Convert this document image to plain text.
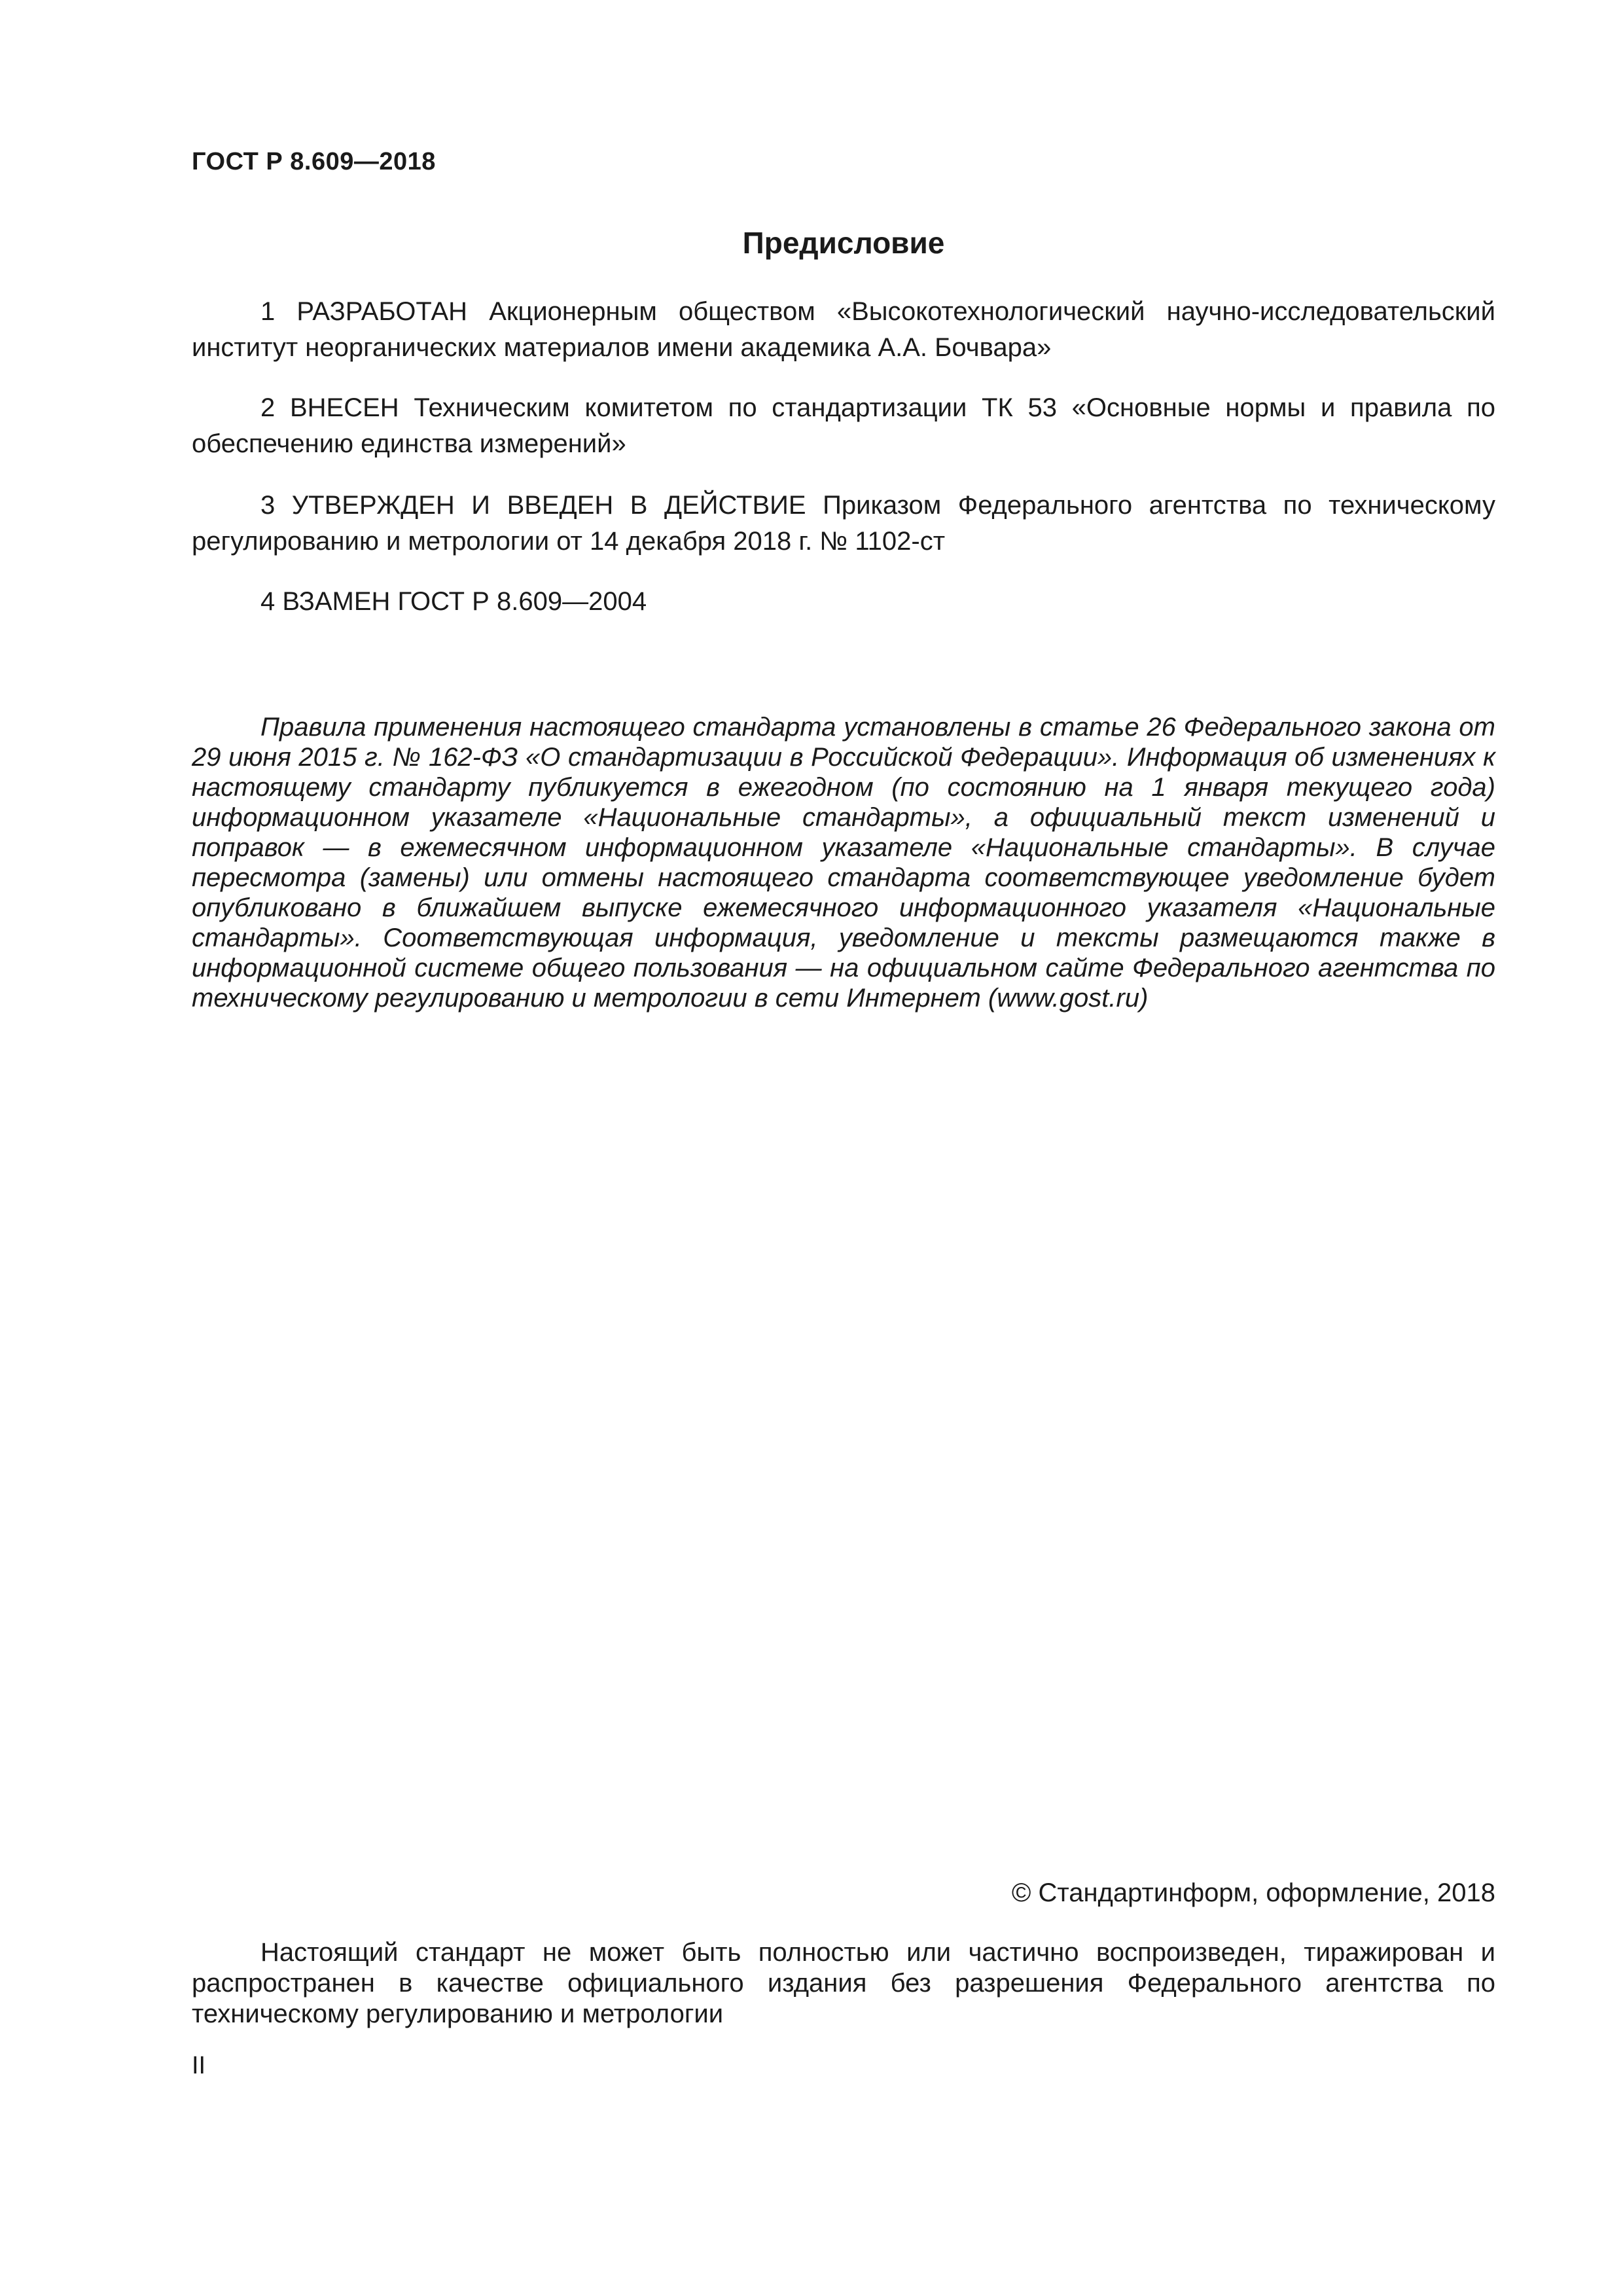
ГОСТ Р 8.609—2018
Предисловие

1 РАЗРАБОТАН Акционерным обществом «Высокотехнологический научно-исследовательский институт неорганических материалов имени академика А.А. Бочвара»

2 ВНЕСЕН Техническим комитетом по стандартизации ТК 53 «Основные нормы и правила по обеспечению единства измерений»

3 УТВЕРЖДЕН И ВВЕДЕН В ДЕЙСТВИЕ Приказом Федерального агентства по техническому регулированию и метрологии от 14 декабря 2018 г. № 1102-ст

4 ВЗАМЕН ГОСТ Р 8.609—2004

Правила применения настоящего стандарта установлены в статье 26 Федерального закона от 29 июня 2015 г. № 162-ФЗ «О стандартизации в Российской Федерации». Информация об изменениях к настоящему стандарту публикуется в ежегодном (по состоянию на 1 января текущего года) информационном указателе «Национальные стандарты», а официальный текст изменений и поправок — в ежемесячном информационном указателе «Национальные стандарты». В случае пересмотра (замены) или отмены настоящего стандарта соответствующее уведомление будет опубликовано в ближайшем выпуске ежемесячного информационного указателя «Национальные стандарты». Соответствующая информация, уведомление и тексты размещаются также в информационной системе общего пользования — на официальном сайте Федерального агентства по техническому регулированию и метрологии в сети Интернет (www.gost.ru)

© Стандартинформ, оформление, 2018

Настоящий стандарт не может быть полностью или частично воспроизведен, тиражирован и распространен в качестве официального издания без разрешения Федерального агентства по техническому регулированию и метрологии

II
